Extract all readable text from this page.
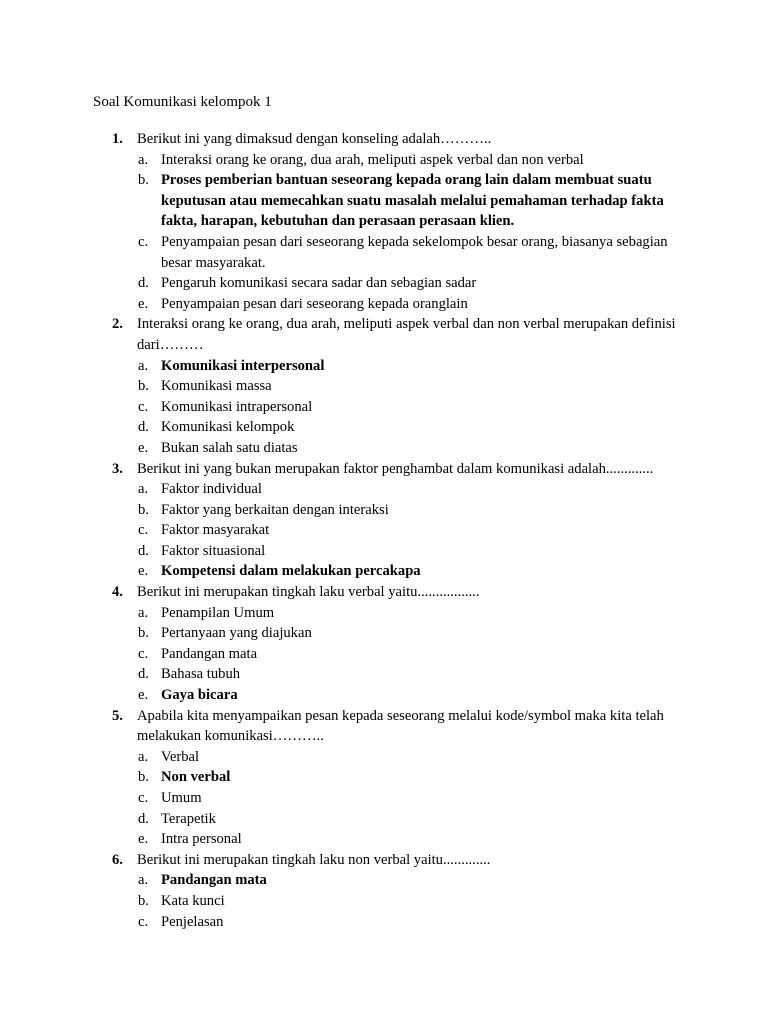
Soal Komunikasi kelompok 1
1. Berikut ini yang dimaksud dengan konseling adalah………..
a. Interaksi orang ke orang, dua arah, meliputi aspek verbal dan non verbal
b. Proses pemberian bantuan seseorang kepada orang lain dalam membuat suatu keputusan atau memecahkan suatu masalah melalui pemahaman terhadap fakta fakta, harapan, kebutuhan dan perasaan perasaan klien.
c. Penyampaian pesan dari seseorang kepada sekelompok besar orang, biasanya sebagian besar masyarakat.
d. Pengaruh komunikasi secara sadar dan sebagian sadar
e. Penyampaian pesan dari seseorang kepada oranglain
2. Interaksi orang ke orang, dua arah, meliputi aspek verbal dan non verbal merupakan definisi dari………
a. Komunikasi interpersonal
b. Komunikasi massa
c. Komunikasi intrapersonal
d. Komunikasi kelompok
e. Bukan salah satu diatas
3. Berikut ini yang bukan merupakan faktor penghambat dalam komunikasi adalah.............
a. Faktor individual
b. Faktor yang berkaitan dengan interaksi
c. Faktor masyarakat
d. Faktor situasional
e. Kompetensi dalam melakukan percakapa
4. Berikut ini merupakan tingkah laku verbal yaitu.................
a. Penampilan Umum
b. Pertanyaan yang diajukan
c. Pandangan mata
d. Bahasa tubuh
e. Gaya bicara
5. Apabila kita menyampaikan pesan kepada seseorang melalui kode/symbol maka kita telah melakukan komunikasi………..
a. Verbal
b. Non verbal
c. Umum
d. Terapetik
e. Intra personal
6. Berikut ini merupakan tingkah laku non verbal yaitu.............
a. Pandangan mata
b. Kata kunci
c. Penjelasan
